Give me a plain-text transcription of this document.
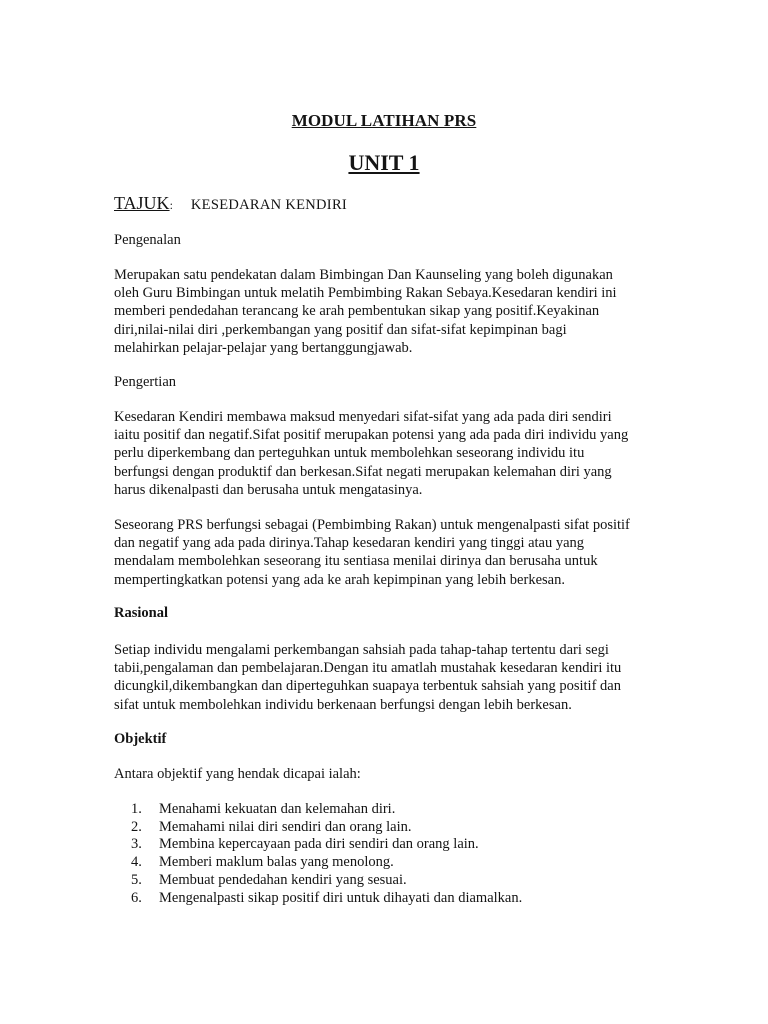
MODUL LATIHAN PRS
UNIT 1
TAJUK: KESEDARAN KENDIRI
Pengenalan
Merupakan satu pendekatan dalam Bimbingan Dan Kaunseling yang boleh digunakan
oleh Guru Bimbingan untuk melatih Pembimbing Rakan Sebaya.Kesedaran kendiri ini
memberi pendedahan terancang ke arah pembentukan sikap yang positif.Keyakinan
diri,nilai-nilai diri ,perkembangan yang positif dan sifat-sifat kepimpinan bagi
melahirkan pelajar-pelajar yang bertanggungjawab.
Pengertian
Kesedaran Kendiri membawa maksud menyedari sifat-sifat yang ada pada diri sendiri
iaitu positif dan negatif.Sifat positif merupakan potensi yang ada pada diri individu yang
perlu diperkembang dan perteguhkan untuk membolehkan seseorang individu itu
berfungsi dengan produktif dan berkesan.Sifat negati merupakan kelemahan diri yang
harus dikenalpasti dan berusaha untuk mengatasinya.
Seseorang PRS berfungsi sebagai (Pembimbing Rakan) untuk mengenalpasti sifat positif
dan negatif yang ada pada dirinya.Tahap kesedaran kendiri yang tinggi atau yang
mendalam membolehkan seseorang itu sentiasa menilai dirinya dan berusaha untuk
mempertingkatkan potensi yang ada ke arah kepimpinan yang lebih berkesan.
Rasional
Setiap individu mengalami perkembangan sahsiah pada tahap-tahap tertentu dari segi
tabii,pengalaman dan pembelajaran.Dengan itu amatlah mustahak kesedaran kendiri itu
dicungkil,dikembangkan dan diperteguhkan suapaya terbentuk sahsiah yang positif dan
sifat untuk membolehkan individu berkenaan berfungsi dengan lebih berkesan.
Objektif
Antara objektif yang hendak dicapai ialah:
1. Menahami kekuatan dan kelemahan diri.
2. Memahami nilai diri sendiri dan orang lain.
3. Membina kepercayaan pada diri sendiri dan orang lain.
4. Memberi maklum balas yang menolong.
5. Membuat pendedahan kendiri yang sesuai.
6. Mengenalpasti sikap positif diri untuk dihayati dan diamalkan.
